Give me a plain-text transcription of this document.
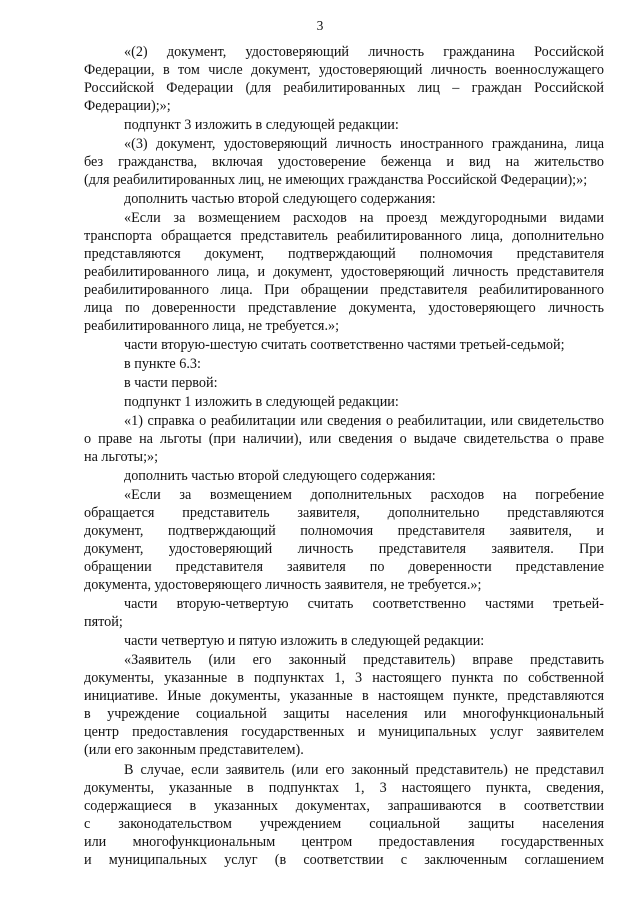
3
«(2) документ, удостоверяющий личность гражданина Российской
Федерации, в том числе документ, удостоверяющий личность военнослужащего
Российской Федерации (для реабилитированных лиц – граждан Российской
Федерации);»;
подпункт 3 изложить в следующей редакции:
«(3) документ, удостоверяющий личность иностранного гражданина, лица
без гражданства, включая удостоверение беженца и вид на жительство
(для реабилитированных лиц, не имеющих гражданства Российской Федерации);»;
дополнить частью второй следующего содержания:
«Если за возмещением расходов на проезд междугородными видами
транспорта обращается представитель реабилитированного лица, дополнительно
представляются документ, подтверждающий полномочия представителя
реабилитированного лица, и документ, удостоверяющий личность представителя
реабилитированного лица. При обращении представителя реабилитированного
лица по доверенности представление документа, удостоверяющего личность
реабилитированного лица, не требуется.»;
части вторую-шестую считать соответственно частями третьей-седьмой;
в пункте 6.3:
в части первой:
подпункт 1 изложить в следующей редакции:
«1) справка о реабилитации или сведения о реабилитации, или свидетельство
о праве на льготы (при наличии), или сведения о выдаче свидетельства о праве
на льготы;»;
дополнить частью второй следующего содержания:
«Если за возмещением дополнительных расходов на погребение
обращается представитель заявителя, дополнительно представляются
документ, подтверждающий полномочия представителя заявителя, и
документ, удостоверяющий личность представителя заявителя. При
обращении представителя заявителя по доверенности представление
документа, удостоверяющего личность заявителя, не требуется.»;
части вторую-четвертую считать соответственно частями третьей-
пятой;
части четвертую и пятую изложить в следующей редакции:
«Заявитель (или его законный представитель) вправе представить
документы, указанные в подпунктах 1, 3 настоящего пункта по собственной
инициативе. Иные документы, указанные в настоящем пункте, представляются
в учреждение социальной защиты населения или многофункциональный
центр предоставления государственных и муниципальных услуг заявителем
(или его законным представителем).
В случае, если заявитель (или его законный представитель) не представил
документы, указанные в подпунктах 1, 3 настоящего пункта, сведения,
содержащиеся в указанных документах, запрашиваются в соответствии
с законодательством учреждением социальной защиты населения
или многофункциональным центром предоставления государственных
и муниципальных услуг (в соответствии с заключенным соглашением
